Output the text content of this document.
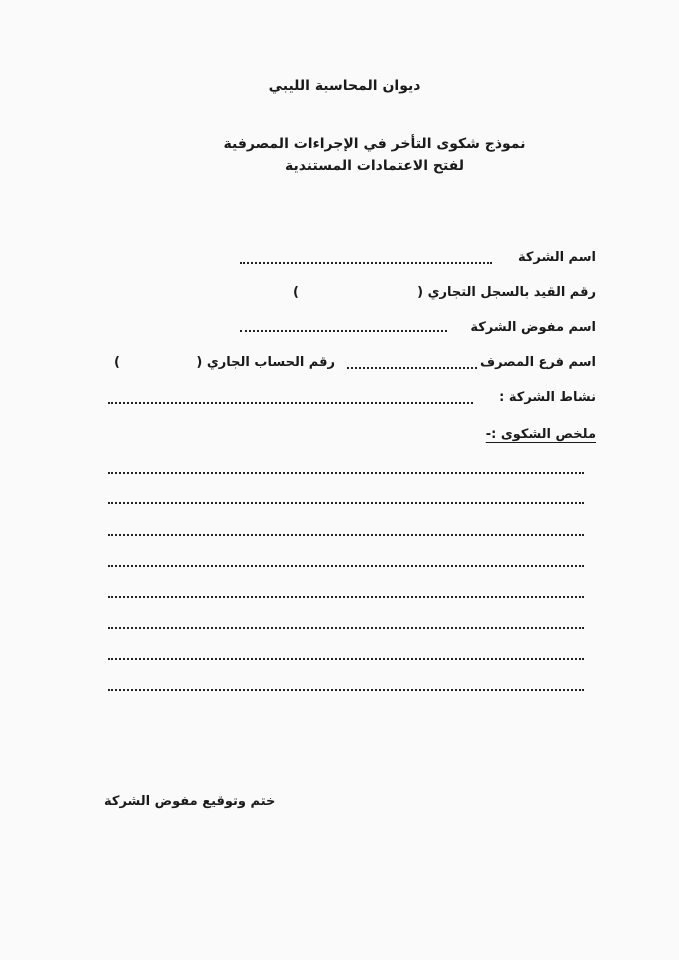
ديوان المحاسبة الليبي
نموذج شكوى التأخر في الإجراءات المصرفية
لفتح الاعتمادات المستندية
اسم الشركة
رقم القيد بالسجل التجاري (
)
اسم مفوض الشركة
اسم فرع المصرف
رقم الحساب الجاري (
)
نشاط الشركة :
ملخص الشكوى :-
ختم وتوقيع مفوض الشركة
